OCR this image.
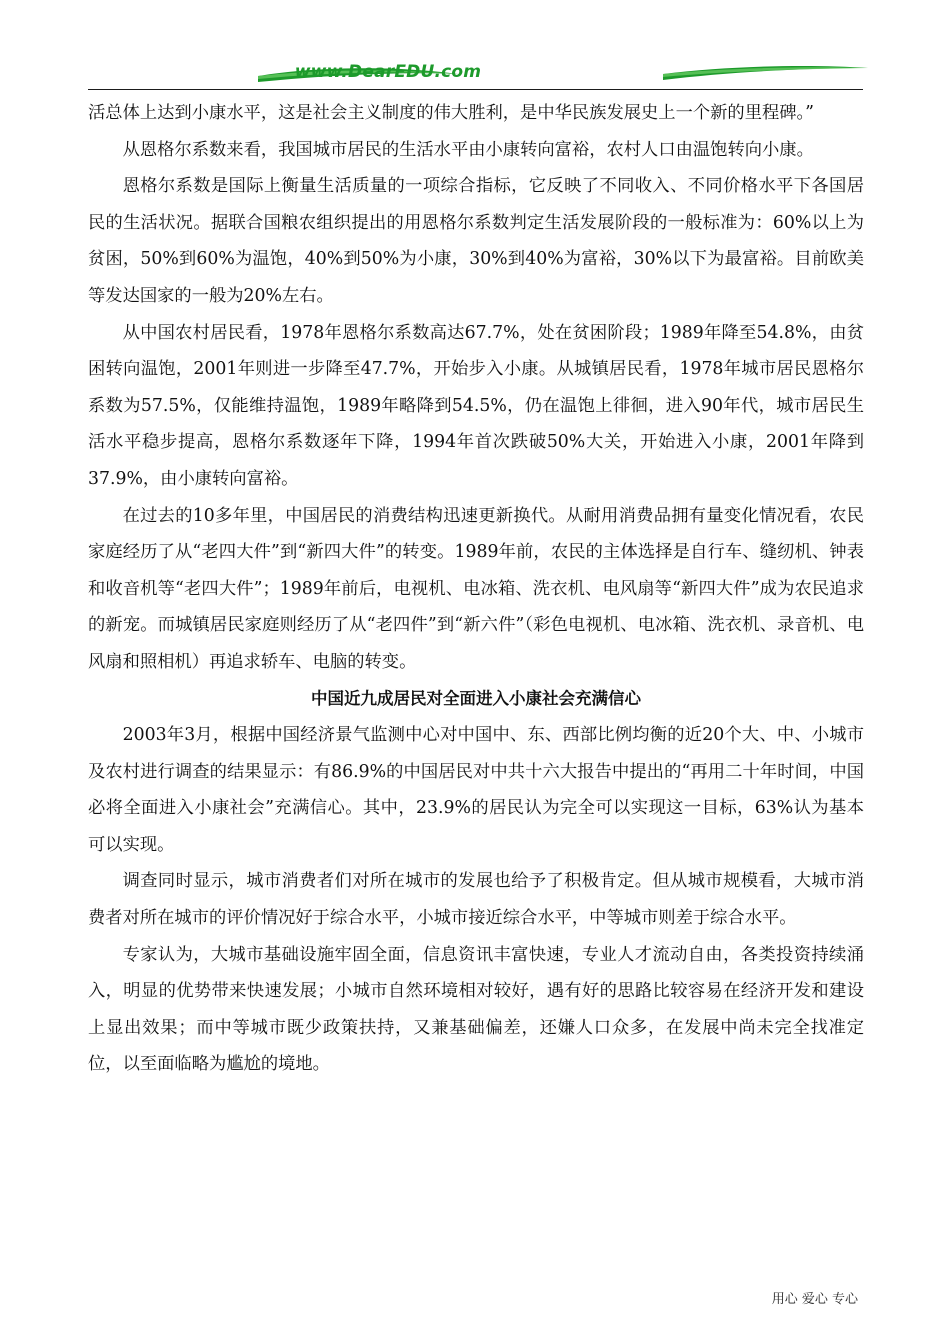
www.DearEDU.com

活总体上达到小康水平，这是社会主义制度的伟大胜利，是中华民族发展史上一个新的里程碑。”

从恩格尔系数来看，我国城市居民的生活水平由小康转向富裕，农村人口由温饱转向小康。

恩格尔系数是国际上衡量生活质量的一项综合指标，它反映了不同收入、不同价格水平下各国居民的生活状况。据联合国粮农组织提出的用恩格尔系数判定生活发展阶段的一般标准为：60%以上为贫困，50%到60%为温饱，40%到50%为小康，30%到40%为富裕，30%以下为最富裕。目前欧美等发达国家的一般为20%左右。

从中国农村居民看，1978年恩格尔系数高达67.7%，处在贫困阶段；1989年降至54.8%，由贫困转向温饱，2001年则进一步降至47.7%，开始步入小康。从城镇居民看，1978年城市居民恩格尔系数为57.5%，仅能维持温饱，1989年略降到54.5%，仍在温饱上徘徊，进入90年代，城市居民生活水平稳步提高，恩格尔系数逐年下降，1994年首次跌破50%大关，开始进入小康，2001年降到37.9%，由小康转向富裕。

在过去的10多年里，中国居民的消费结构迅速更新换代。从耐用消费品拥有量变化情况看，农民家庭经历了从“老四大件”到“新四大件”的转变。1989年前，农民的主体选择是自行车、缝纫机、钟表和收音机等“老四大件”；1989年前后，电视机、电冰箱、洗衣机、电风扇等“新四大件”成为农民追求的新宠。而城镇居民家庭则经历了从“老四件”到“新六件”（彩色电视机、电冰箱、洗衣机、录音机、电风扇和照相机）再追求轿车、电脑的转变。

中国近九成居民对全面进入小康社会充满信心

2003年3月，根据中国经济景气监测中心对中国中、东、西部比例均衡的近20个大、中、小城市及农村进行调查的结果显示：有86.9%的中国居民对中共十六大报告中提出的“再用二十年时间，中国必将全面进入小康社会”充满信心。其中，23.9%的居民认为完全可以实现这一目标，63%认为基本可以实现。

调查同时显示，城市消费者们对所在城市的发展也给予了积极肯定。但从城市规模看，大城市消费者对所在城市的评价情况好于综合水平，小城市接近综合水平，中等城市则差于综合水平。

专家认为，大城市基础设施牢固全面，信息资讯丰富快速，专业人才流动自由，各类投资持续涌入，明显的优势带来快速发展；小城市自然环境相对较好，遇有好的思路比较容易在经济开发和建设上显出效果；而中等城市既少政策扶持，又兼基础偏差，还嫌人口众多，在发展中尚未完全找准定位，以至面临略为尴尬的境地。

用心 爱心 专心
